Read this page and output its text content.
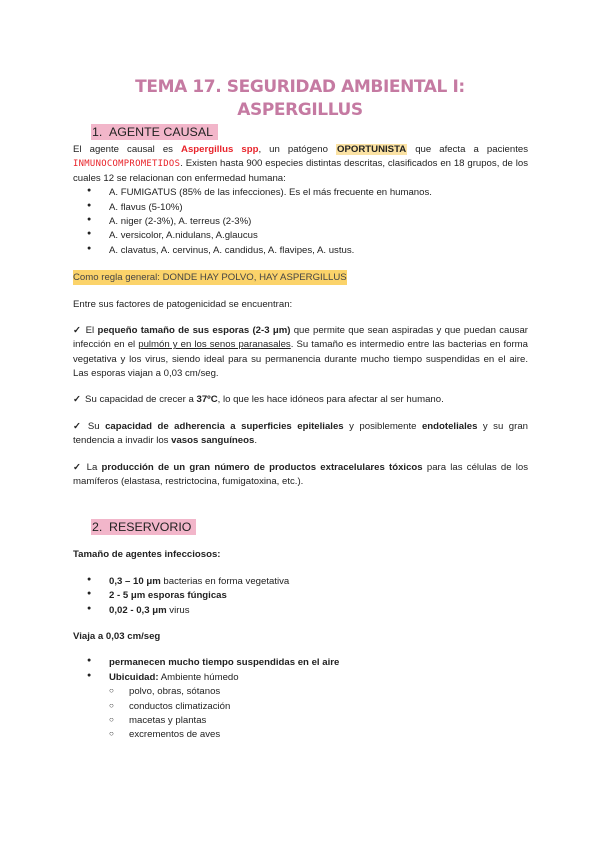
TEMA 17. SEGURIDAD AMBIENTAL I:
ASPERGILLUS
1. AGENTE CAUSAL

El agente causal es Aspergillus spp, un patógeno OPORTUNISTA que afecta a pacientes INMUNOCOMPROMETIDOS. Existen hasta 900 especies distintas descritas, clasificados en 18 grupos, de los cuales 12 se relacionan con enfermedad humana:

● A. FUMIGATUS (85% de las infecciones). Es el más frecuente en humanos.
● A. flavus (5-10%)
● A. niger (2-3%), A. terreus (2-3%)
● A. versicolor, A.nidulans, A.glaucus
● A. clavatus, A. cervinus, A. candidus, A. flavipes, A. ustus.

Como regla general: DONDE HAY POLVO, HAY ASPERGILLUS

Entre sus factores de patogenicidad se encuentran:

✓ El pequeño tamaño de sus esporas (2-3 μm) que permite que sean aspiradas y que puedan causar infección en el pulmón y en los senos paranasales. Su tamaño es intermedio entre las bacterias en forma vegetativa y los virus, siendo ideal para su permanencia durante mucho tiempo suspendidas en el aire. Las esporas viajan a 0,03 cm/seg.

✓ Su capacidad de crecer a 37ºC, lo que les hace idóneos para afectar al ser humano.

✓ Su capacidad de adherencia a superficies epiteliales y posiblemente endoteliales y su gran tendencia a invadir los vasos sanguíneos.

✓ La producción de un gran número de productos extracelulares tóxicos para las células de los mamíferos (elastasa, restrictocina, fumigatoxina, etc.).

2. RESERVORIO

Tamaño de agentes infecciosos:

● 0,3 – 10 μm bacterias en forma vegetativa
● 2 - 5 μm esporas fúngicas
● 0,02 - 0,3 μm virus

Viaja a 0,03 cm/seg

● permanecen mucho tiempo suspendidas en el aire
● Ubicuidad: Ambiente húmedo
○ polvo, obras, sótanos
○ conductos climatización
○ macetas y plantas
○ excrementos de aves
